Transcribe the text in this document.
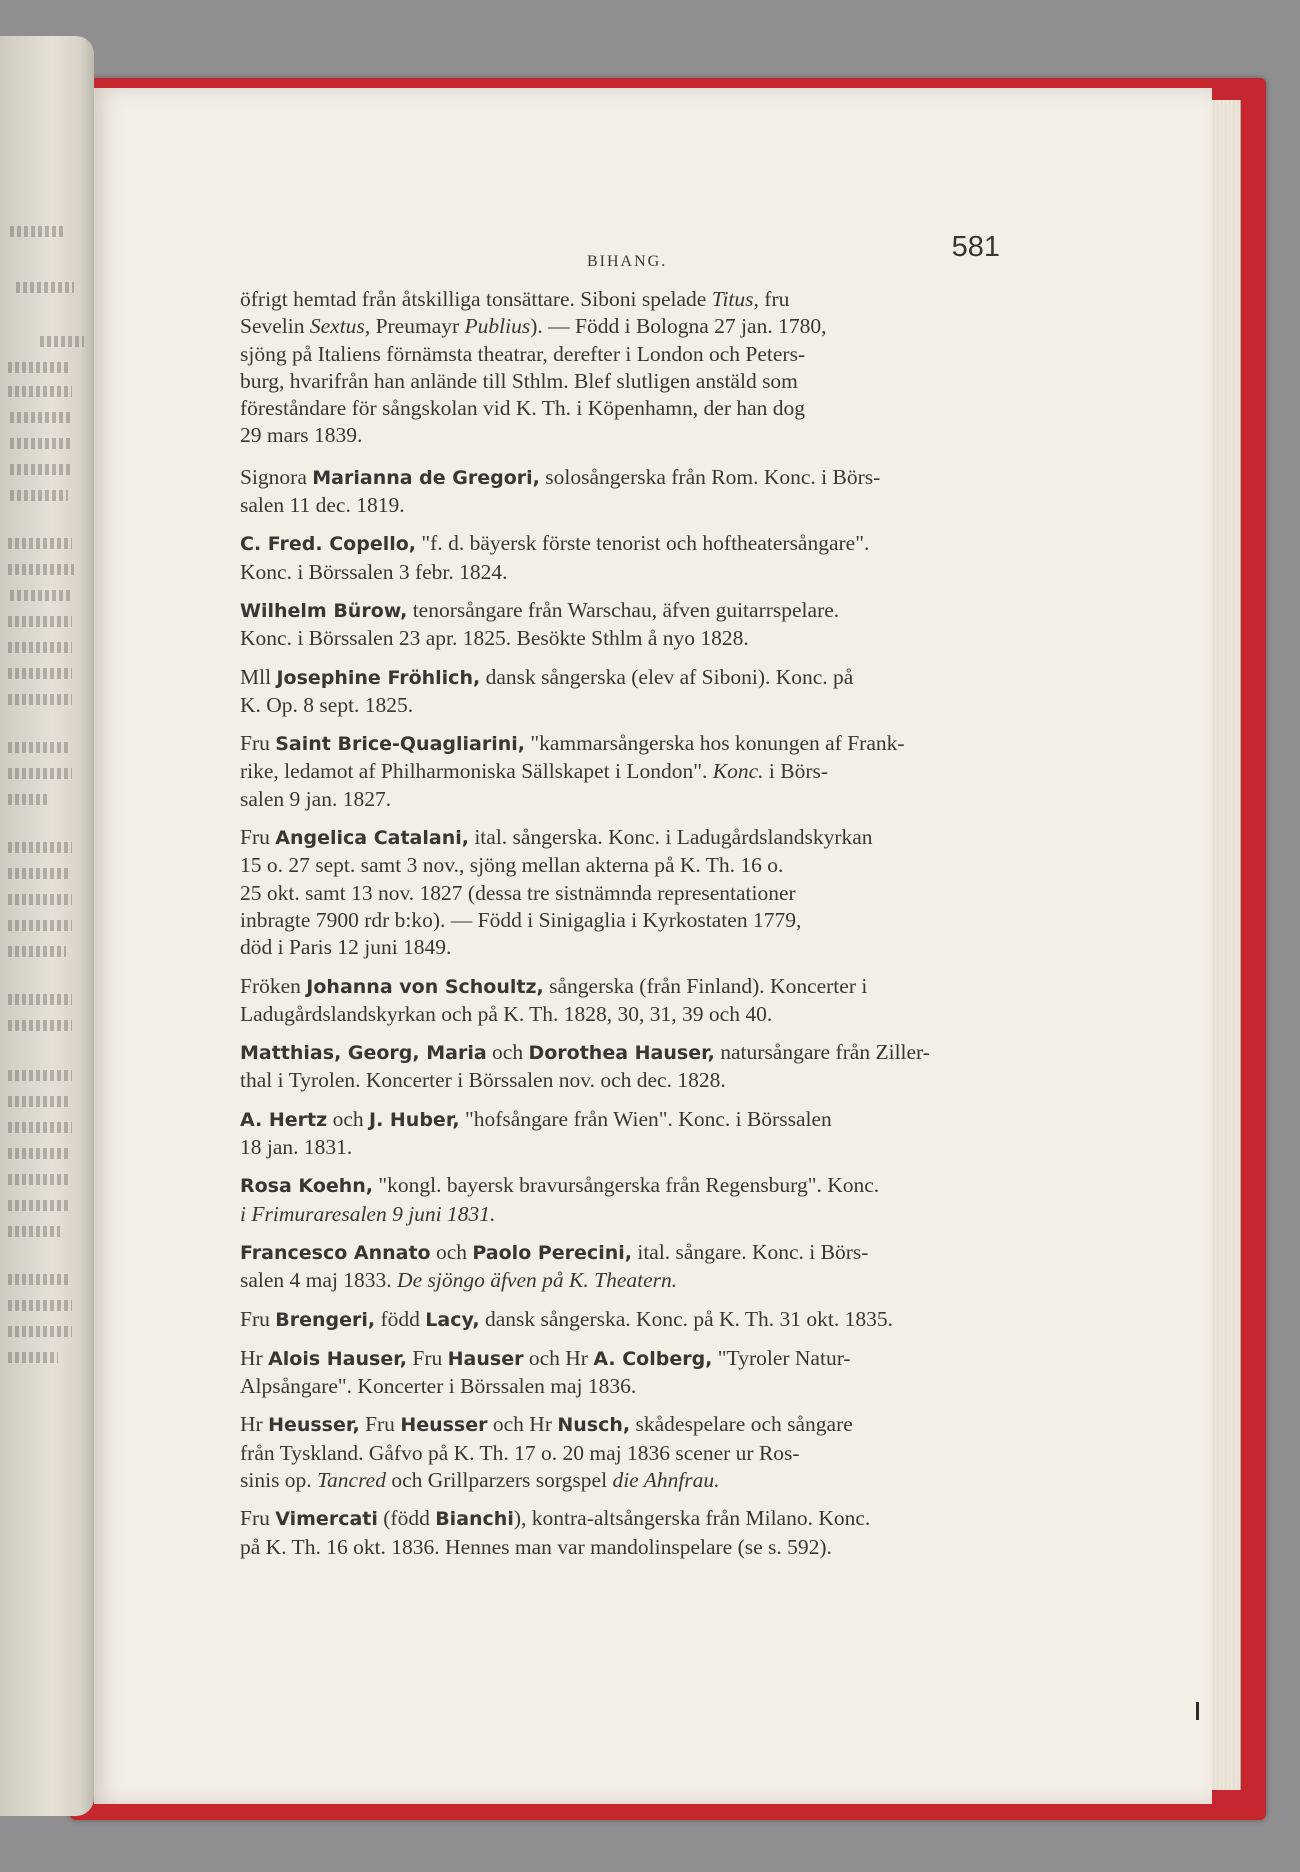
BIHANG.	581
öfrigt hemtad från åtskilliga tonsättare. Siboni spelade Titus, fru
Sevelin Sextus, Preumayr Publius). — Född i Bologna 27 jan. 1780,
sjöng på Italiens förnämsta theatrar, derefter i London och Peters-
burg, hvarifrån han anlände till Sthlm. Blef slutligen anstäld som
föreståndare för sångskolan vid K. Th. i Köpenhamn, der han dog
29 mars 1839.
Signora Marianna de Gregori, solosångerska från Rom. Konc. i Börs-
salen 11 dec. 1819.
C. Fred. Copello, "f. d. bäyersk förste tenorist och hoftheatersångare".
Konc. i Börssalen 3 febr. 1824.
Wilhelm Bürow, tenorsångare från Warschau, äfven guitarrspelare.
Konc. i Börssalen 23 apr. 1825. Besökte Sthlm å nyo 1828.
Mll Josephine Fröhlich, dansk sångerska (elev af Siboni). Konc. på
K. Op. 8 sept. 1825.
Fru Saint Brice-Quagliarini, "kammarsångerska hos konungen af Frank-
rike, ledamot af Philharmoniska Sällskapet i London". Konc. i Börs-
salen 9 jan. 1827.
Fru Angelica Catalani, ital. sångerska. Konc. i Ladugårdslandskyrkan
15 o. 27 sept. samt 3 nov., sjöng mellan akterna på K. Th. 16 o.
25 okt. samt 13 nov. 1827 (dessa tre sistnämnda representationer
inbragte 7900 rdr b:ko). — Född i Sinigaglia i Kyrkostaten 1779,
död i Paris 12 juni 1849.
Fröken Johanna von Schoultz, sångerska (från Finland). Koncerter i
Ladugårdslandskyrkan och på K. Th. 1828, 30, 31, 39 och 40.
Matthias, Georg, Maria och Dorothea Hauser, natursångare från Ziller-
thal i Tyrolen. Koncerter i Börssalen nov. och dec. 1828.
A. Hertz och J. Huber, "hofsångare från Wien". Konc. i Börssalen
18 jan. 1831.
Rosa Koehn, "kongl. bayersk bravursångerska från Regensburg". Konc.
i Frimuraresalen 9 juni 1831.
Francesco Annato och Paolo Perecini, ital. sångare. Konc. i Börs-
salen 4 maj 1833. De sjöngo äfven på K. Theatern.
Fru Brengeri, född Lacy, dansk sångerska. Konc. på K. Th. 31 okt. 1835.
Hr Alois Hauser, Fru Hauser och Hr A. Colberg, "Tyroler Natur-
Alpsångare". Koncerter i Börssalen maj 1836.
Hr Heusser, Fru Heusser och Hr Nusch, skådespelare och sångare
från Tyskland. Gåfvo på K. Th. 17 o. 20 maj 1836 scener ur Ros-
sinis op. Tancred och Grillparzers sorgspel die Ahnfrau.
Fru Vimercati (född Bianchi), kontra-altsångerska från Milano. Konc.
på K. Th. 16 okt. 1836. Hennes man var mandolinspelare (se s. 592).
